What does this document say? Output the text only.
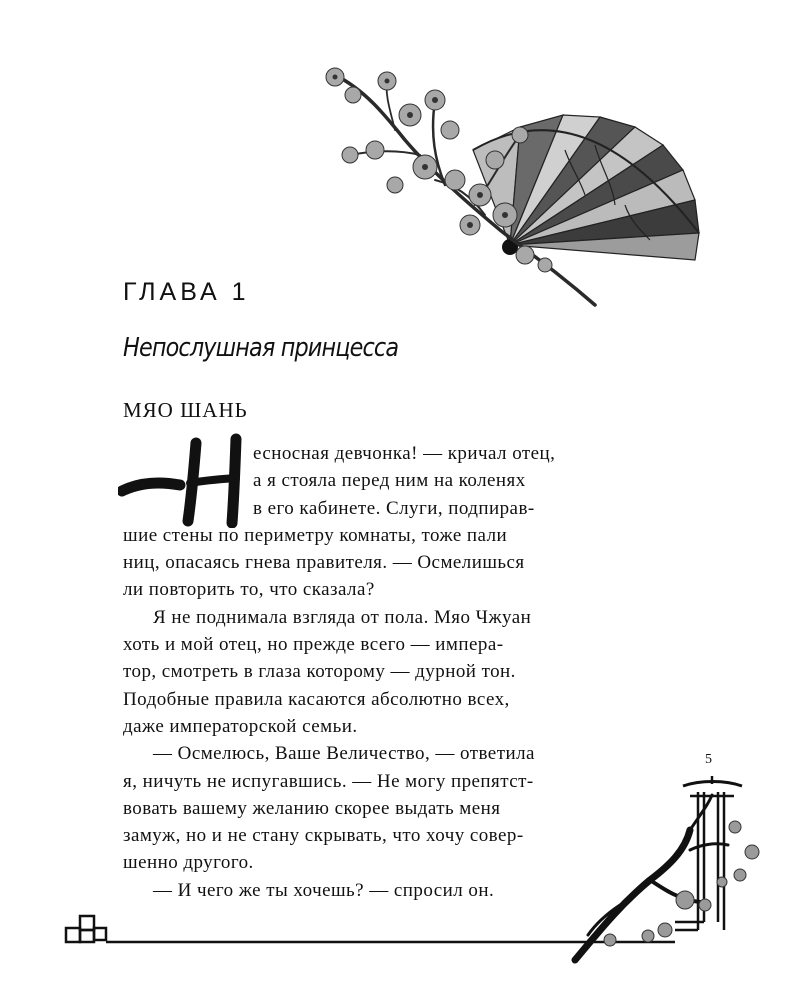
ГЛАВА 1
Непослушная принцесса
МЯО ШАНЬ
еснoсная девчонка! — кричал отец,
а я стояла перед ним на коленях
в его кабинете. Слуги, подпирав-
шие стены по периметру комнаты, тоже пали
ниц, опасаясь гнева правителя. — Осмелишься
ли повторить то, что сказала?
Я не поднимала взгляда от пола. Мяо Чжуан
хоть и мой отец, но прежде всего — импера-
тор, смотреть в глаза которому — дурной тон.
Подобные правила касаются абсолютно всех,
даже императорской семьи.
— Осмелюсь, Ваше Величество, — ответила
я, ничуть не испугавшись. — Не могу препятст-
вовать вашему желанию скорее выдать меня
замуж, но и не стану скрывать, что хочу совер-
шенно другого.
— И чего же ты хочешь? — спросил он.
5
